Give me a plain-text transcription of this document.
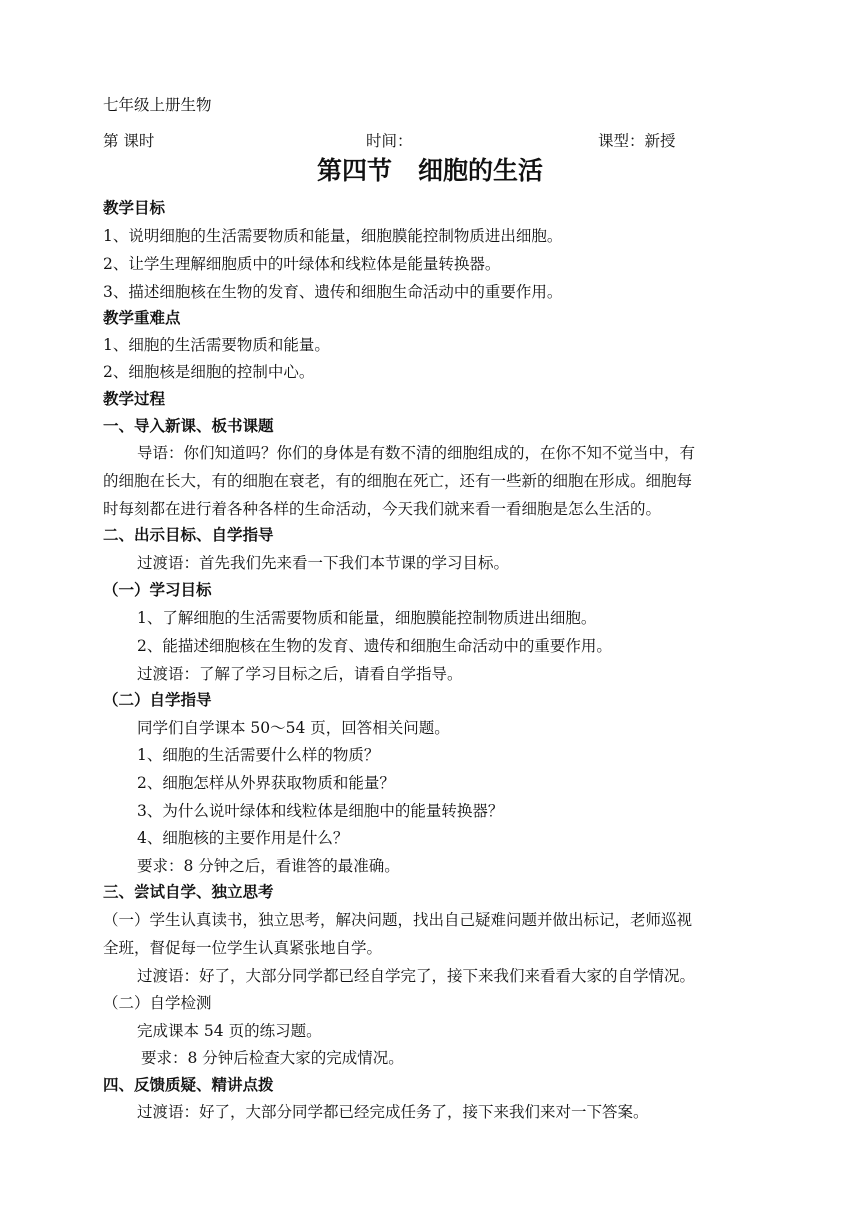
七年级上册生物
第 课时	时间：	课型：新授
第四节 细胞的生活
教学目标
1、说明细胞的生活需要物质和能量，细胞膜能控制物质进出细胞。
2、让学生理解细胞质中的叶绿体和线粒体是能量转换器。
3、描述细胞核在生物的发育、遗传和细胞生命活动中的重要作用。
教学重难点
1、细胞的生活需要物质和能量。
2、细胞核是细胞的控制中心。
教学过程
一、导入新课、板书课题
导语：你们知道吗？你们的身体是有数不清的细胞组成的，在你不知不觉当中，有
的细胞在长大，有的细胞在衰老，有的细胞在死亡，还有一些新的细胞在形成。细胞每
时每刻都在进行着各种各样的生命活动，今天我们就来看一看细胞是怎么生活的。
二、出示目标、自学指导
过渡语：首先我们先来看一下我们本节课的学习目标。
（一）学习目标
1、了解细胞的生活需要物质和能量，细胞膜能控制物质进出细胞。
2、能描述细胞核在生物的发育、遗传和细胞生命活动中的重要作用。
过渡语：了解了学习目标之后，请看自学指导。
（二）自学指导
同学们自学课本 50～54 页，回答相关问题。
1、细胞的生活需要什么样的物质？
2、细胞怎样从外界获取物质和能量？
3、为什么说叶绿体和线粒体是细胞中的能量转换器？
4、细胞核的主要作用是什么？
要求：8 分钟之后，看谁答的最准确。
三、尝试自学、独立思考
（一）学生认真读书，独立思考，解决问题，找出自己疑难问题并做出标记，老师巡视
全班，督促每一位学生认真紧张地自学。
过渡语：好了，大部分同学都已经自学完了，接下来我们来看看大家的自学情况。
（二）自学检测
完成课本 54 页的练习题。
要求：8 分钟后检查大家的完成情况。
四、反馈质疑、精讲点拨
过渡语：好了，大部分同学都已经完成任务了，接下来我们来对一下答案。
